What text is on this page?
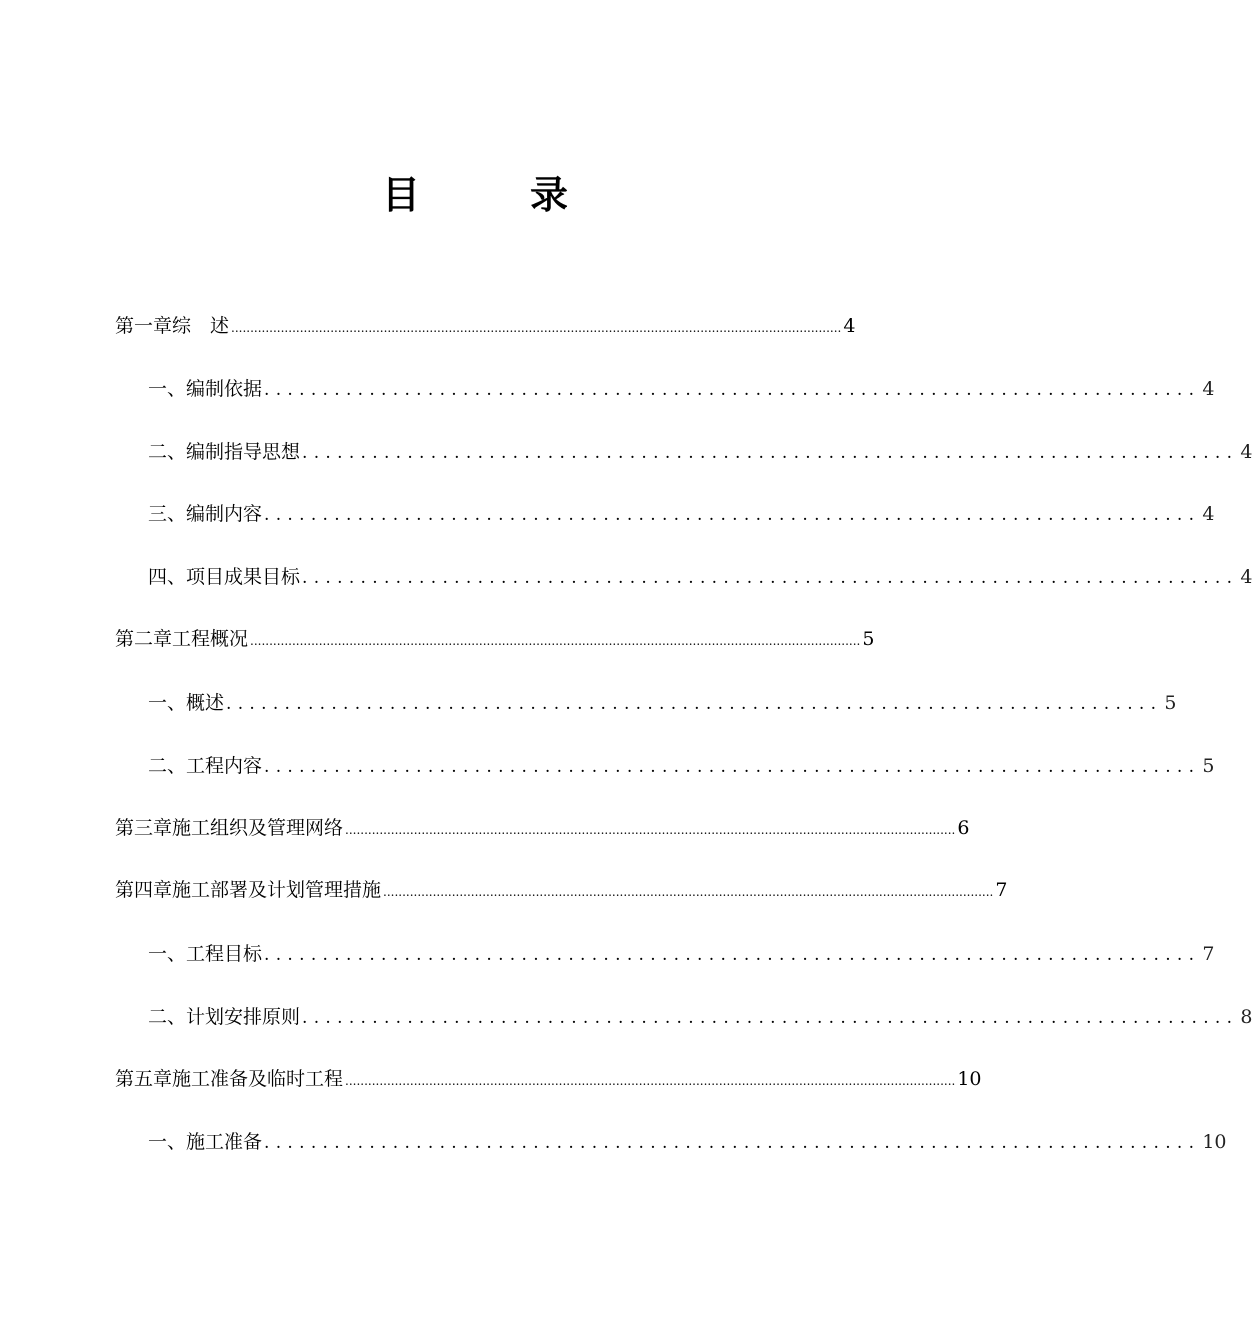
目	录
第一章 综　述 ................................................................................................................................................................ 4
一、编制依据 ................................................................................ 4
二、编制指导思想 ................................................................................ 4
三、编制内容 ................................................................................ 4
四、项目成果目标 ................................................................................ 4
第二章 工程概况 ................................................................................................................................................................ 5
一、概述 ................................................................................ 5
二、工程内容 ................................................................................ 5
第三章 施工组织及管理网络 ................................................................................................................................................................ 6
第四章 施工部署及计划管理措施 ................................................................................................................................................................ 7
一、工程目标 ................................................................................ 7
二、计划安排原则 ................................................................................ 8
第五章 施工准备及临时工程 ................................................................................................................................................................ 10
一、施工准备 ................................................................................ 10
